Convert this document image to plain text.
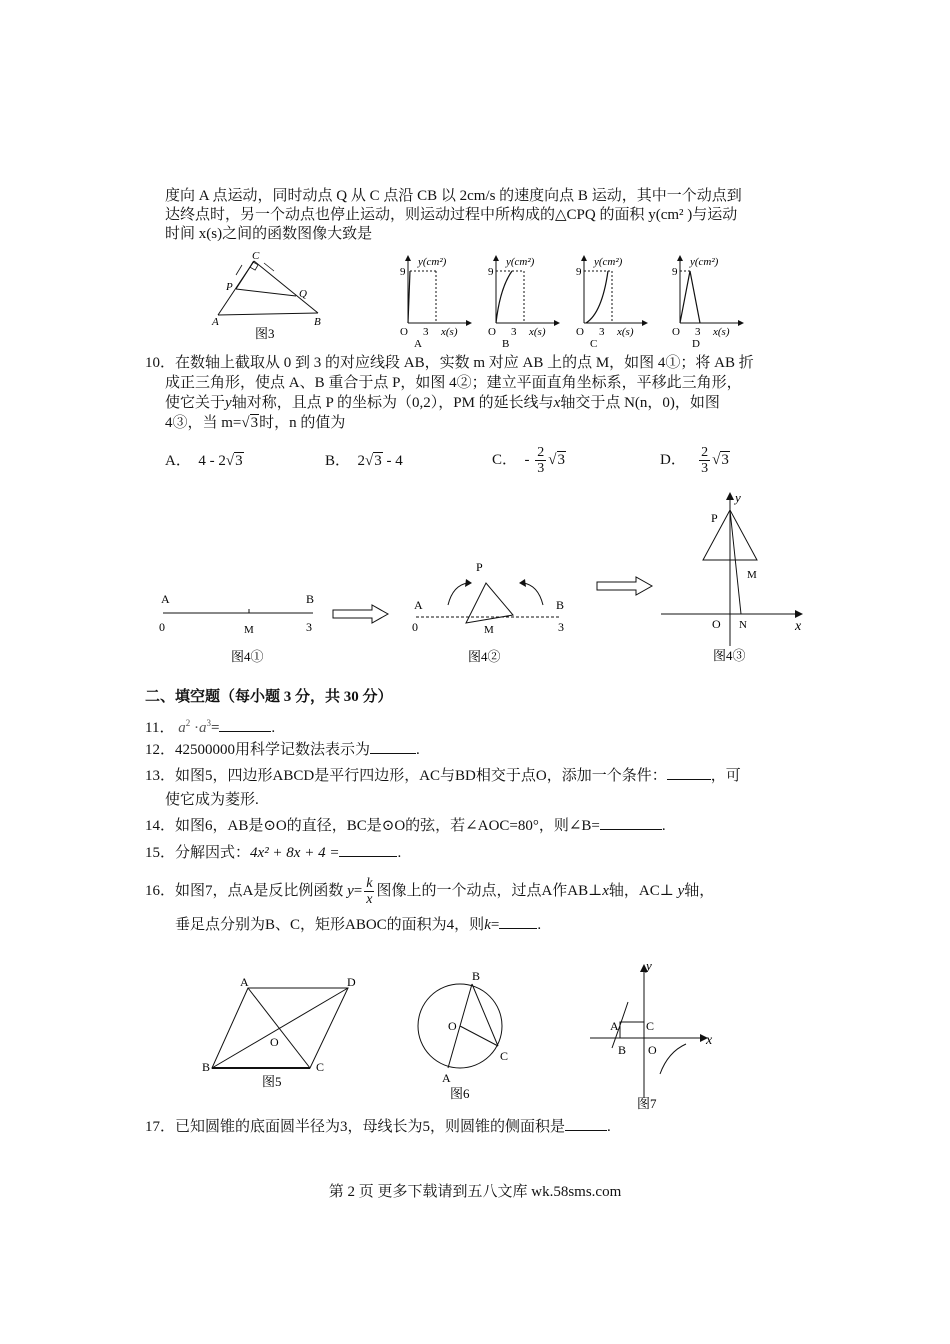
度向 A 点运动，同时动点 Q 从 C 点沿 CB 以 2cm/s 的速度向点 B 运动，其中一个动点到
达终点时，另一个动点也停止运动，则运动过程中所构成的△CPQ 的面积 y(cm² )与运动
时间 x(s)之间的函数图像大致是
C
P
Q
A	B
图3
9
y(cm²)
O 3 x(s)
A
9
y(cm²)
O 3 x(s)
B
9
y(cm²)
O 3 x(s)
C
9
y(cm²)
O 3 x(s)
D
10． 在数轴上截取从 0 到 3 的对应线段 AB，实数 m 对应 AB 上的点 M，如图 4①；将 AB 折
成正三角形，使点 A、B 重合于点 P，如图 4②；建立平面直角坐标系，平移此三角形，
使它关于y轴对称，且点 P 的坐标为（0,2），PM 的延长线与x轴交于点 N(n，0)，如图
4③，当 m=√3时，n 的值为
A． 4 - 2√3	B． 2√3 - 4	C． - $\frac{2}{3} √3$	D． $\frac{2}{3} √3$
A	B
0	M	3
图4①
P
A	B
0	M	3
图4②
P
y
M
O N	x
图4③
二、填空题（每小题 3 分，共 30 分）
11． $a^2 \cdot a^3=$	.
12．42500000用科学记数法表示为	.
13．如图5，四边形ABCD是平行四边形，AC与BD相交于点O，添加一个条件：	，可
使它成为菱形.
14．如图6，AB是⊙O的直径，BC是⊙O的弦，若∠AOC=80°，则∠B=	.
15．分解因式：4x² + 8x + 4 =	.
16．如图7，点A是反比例函数 $y= \frac{k}{x}$ 图像上的一个动点，过点A作AB⊥x轴，AC⊥ y轴，
垂足点分别为B、C，矩形ABOC的面积为4，则k=	.
A	D
B	C
O
图5
B
O
C
A
图6
y
A C
B O
x
图7
17．已知圆锥的底面圆半径为3，母线长为5，则圆锥的侧面积是	.
第 2 页 更多下载请到五八文库 wk.58sms.com
